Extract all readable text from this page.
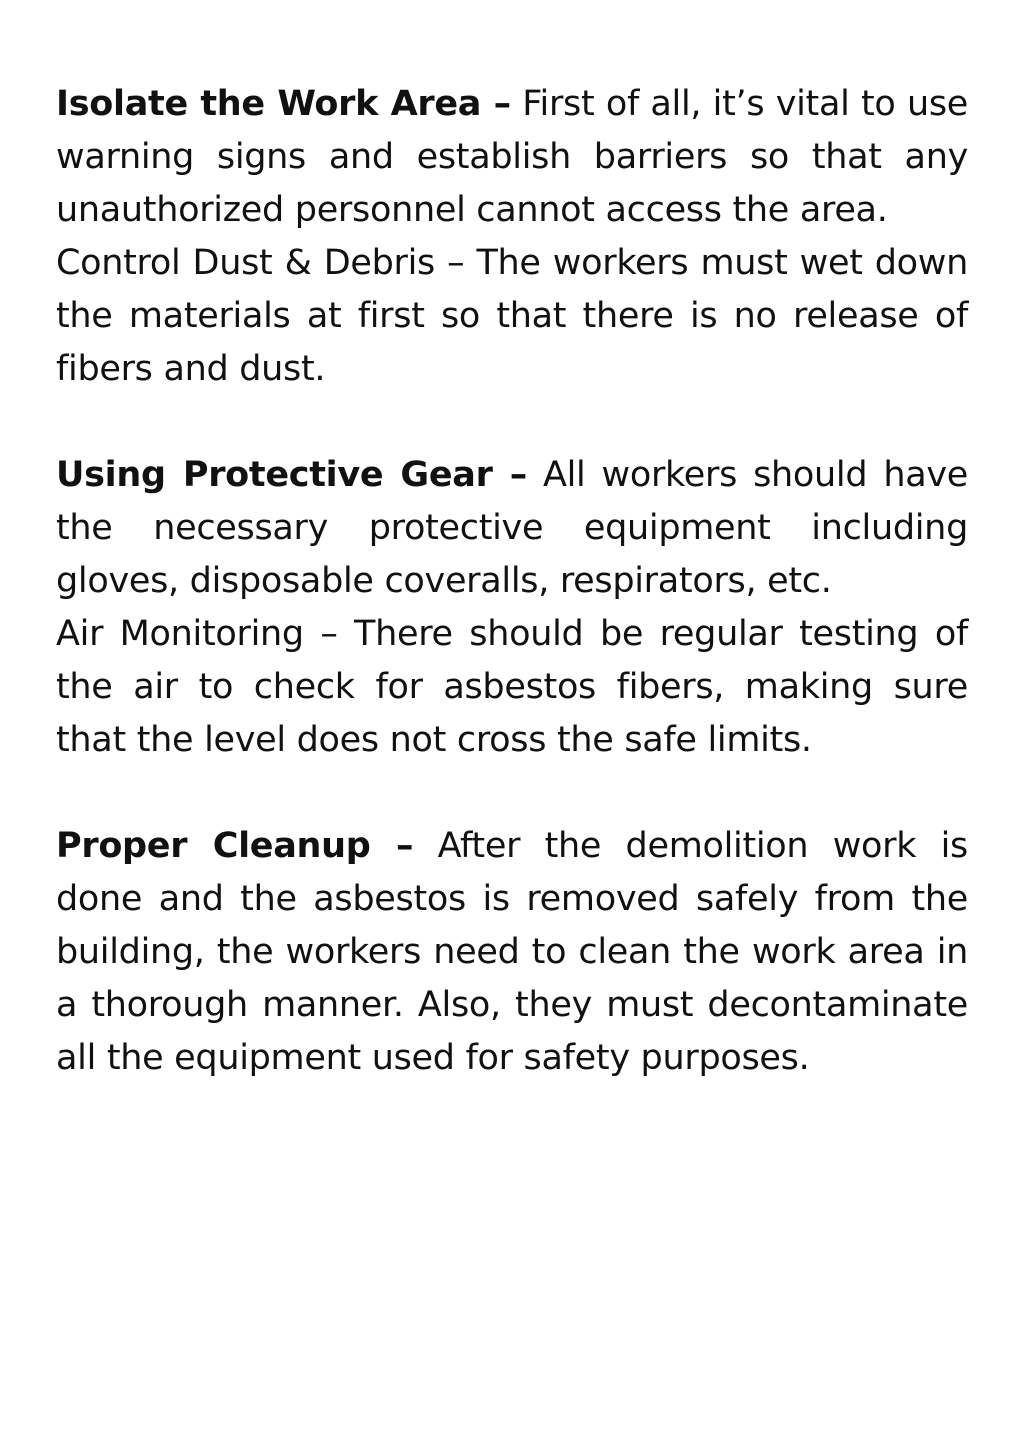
Isolate the Work Area – First of all, it’s vital to use warning signs and establish barriers so that any unauthorized personnel cannot access the area.

Control Dust & Debris – The workers must wet down the materials at first so that there is no release of fibers and dust.

Using Protective Gear – All workers should have the necessary protective equipment including gloves, disposable coveralls, respirators, etc.

Air Monitoring – There should be regular testing of the air to check for asbestos fibers, making sure that the level does not cross the safe limits.

Proper Cleanup – After the demolition work is done and the asbestos is removed safely from the building, the workers need to clean the work area in a thorough manner. Also, they must decontaminate all the equipment used for safety purposes.
